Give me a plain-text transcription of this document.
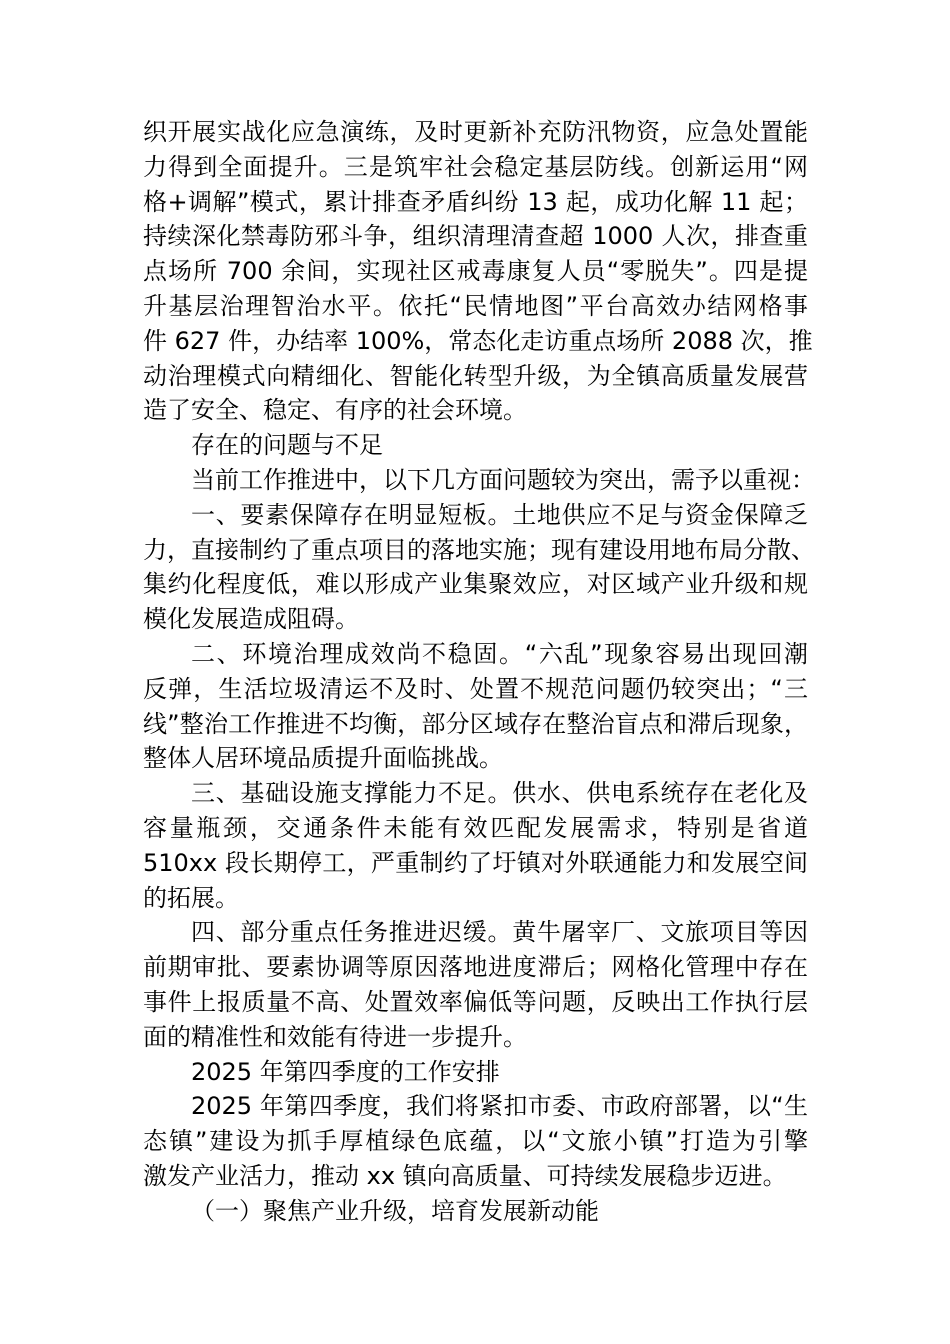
织开展实战化应急演练，及时更新补充防汛物资，应急处置能
力得到全面提升。三是筑牢社会稳定基层防线。创新运用“网
格+调解”模式，累计排查矛盾纠纷 13 起，成功化解 11 起；
持续深化禁毒防邪斗争，组织清理清查超 1000 人次，排查重
点场所 700 余间，实现社区戒毒康复人员“零脱失”。四是提
升基层治理智治水平。依托“民情地图”平台高效办结网格事
件 627 件，办结率 100%，常态化走访重点场所 2088 次，推
动治理模式向精细化、智能化转型升级，为全镇高质量发展营
造了安全、稳定、有序的社会环境。
存在的问题与不足
当前工作推进中，以下几方面问题较为突出，需予以重视：
一、要素保障存在明显短板。土地供应不足与资金保障乏
力，直接制约了重点项目的落地实施；现有建设用地布局分散、
集约化程度低，难以形成产业集聚效应，对区域产业升级和规
模化发展造成阻碍。
二、环境治理成效尚不稳固。“六乱”现象容易出现回潮
反弹，生活垃圾清运不及时、处置不规范问题仍较突出；“三
线”整治工作推进不均衡，部分区域存在整治盲点和滞后现象，
整体人居环境品质提升面临挑战。
三、基础设施支撑能力不足。供水、供电系统存在老化及
容量瓶颈，交通条件未能有效匹配发展需求，特别是省道
510xx 段长期停工，严重制约了圩镇对外联通能力和发展空间
的拓展。
四、部分重点任务推进迟缓。黄牛屠宰厂、文旅项目等因
前期审批、要素协调等原因落地进度滞后；网格化管理中存在
事件上报质量不高、处置效率偏低等问题，反映出工作执行层
面的精准性和效能有待进一步提升。
2025 年第四季度的工作安排
2025 年第四季度，我们将紧扣市委、市政府部署，以“生
态镇”建设为抓手厚植绿色底蕴，以“文旅小镇”打造为引擎
激发产业活力，推动 xx 镇向高质量、可持续发展稳步迈进。
（一）聚焦产业升级，培育发展新动能
